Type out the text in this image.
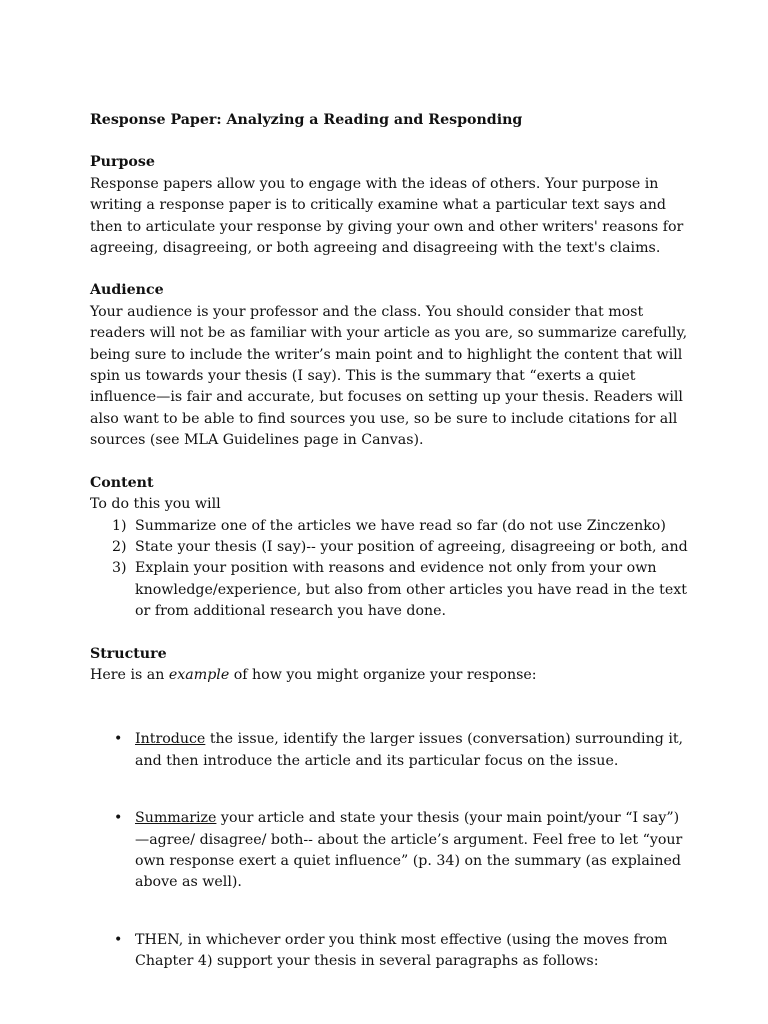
Response Paper: Analyzing a Reading and Responding
Purpose

Response papers allow you to engage with the ideas of others. Your purpose in writing a response paper is to critically examine what a particular text says and then to articulate your response by giving your own and other writers' reasons for agreeing, disagreeing, or both agreeing and disagreeing with the text's claims.

Audience

Your audience is your professor and the class. You should consider that most readers will not be as familiar with your article as you are, so summarize carefully, being sure to include the writer’s main point and to highlight the content that will spin us towards your thesis (I say). This is the summary that “exerts a quiet influence—is fair and accurate, but focuses on setting up your thesis. Readers will also want to be able to find sources you use, so be sure to include citations for all sources (see MLA Guidelines page in Canvas).

Content
To do this you will
1) Summarize one of the articles we have read so far (do not use Zinczenko)
2) State your thesis (I say)-- your position of agreeing, disagreeing or both, and
3) Explain your position with reasons and evidence not only from your own knowledge/experience, but also from other articles you have read in the text or from additional research you have done.
Structure
Here is an example of how you might organize your response:
• Introduce the issue, identify the larger issues (conversation) surrounding it, and then introduce the article and its particular focus on the issue.
• Summarize your article and state your thesis (your main point/your “I say”)—agree/ disagree/ both-- about the article’s argument. Feel free to let “your own response exert a quiet influence” (p. 34) on the summary (as explained above as well).
• THEN, in whichever order you think most effective (using the moves from Chapter 4) support your thesis in several paragraphs as follows:
